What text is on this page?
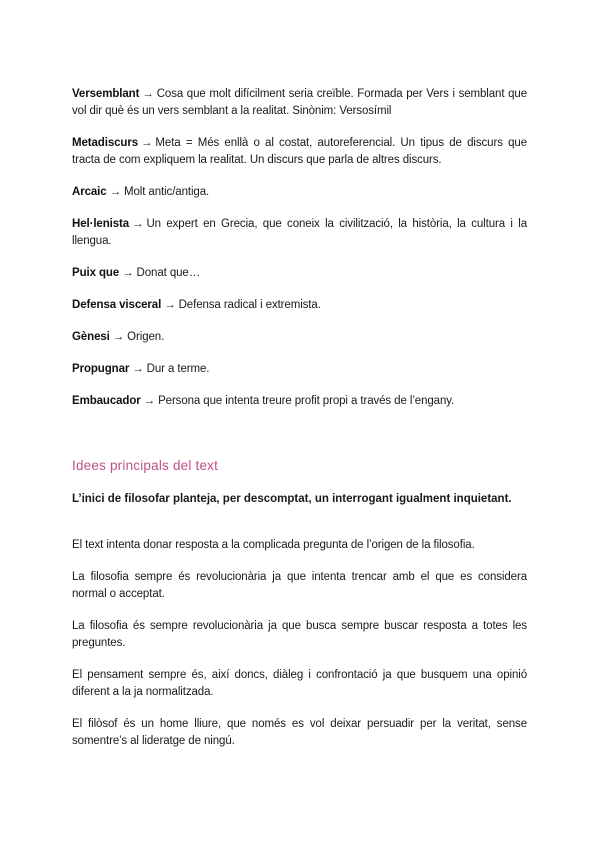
Versemblant → Cosa que molt difícilment seria creïble. Formada per Vers i semblant que vol dir què és un vers semblant a la realitat. Sinònim: Versosímil

Metadiscurs → Meta = Més enllà o al costat, autoreferencial. Un tipus de discurs que tracta de com expliquem la realitat. Un discurs que parla de altres discurs.

Arcaic → Molt antic/antiga.

Hel·lenista → Un expert en Grecia, que coneix la civilització, la història, la cultura i la llengua.

Puix que → Donat que…

Defensa visceral → Defensa radical i extremista.

Gènesi → Origen.

Propugnar → Dur a terme.

Embaucador → Persona que intenta treure profit propi a través de l’engany.

Idees principals del text

L’inici de filosofar planteja, per descomptat, un interrogant igualment inquietant.

El text intenta donar resposta a la complicada pregunta de l’origen de la filosofia.

La filosofia sempre és revolucionària ja que intenta trencar amb el que es considera normal o acceptat.

La filosofia és sempre revolucionària ja que busca sempre buscar resposta a totes les preguntes.

El pensament sempre és, així doncs, diàleg i confrontació ja que busquem una opinió diferent a la ja normalitzada.

El filòsof és un home lliure, que només es vol deixar persuadir per la veritat, sense somentre’s al lideratge de ningú.
